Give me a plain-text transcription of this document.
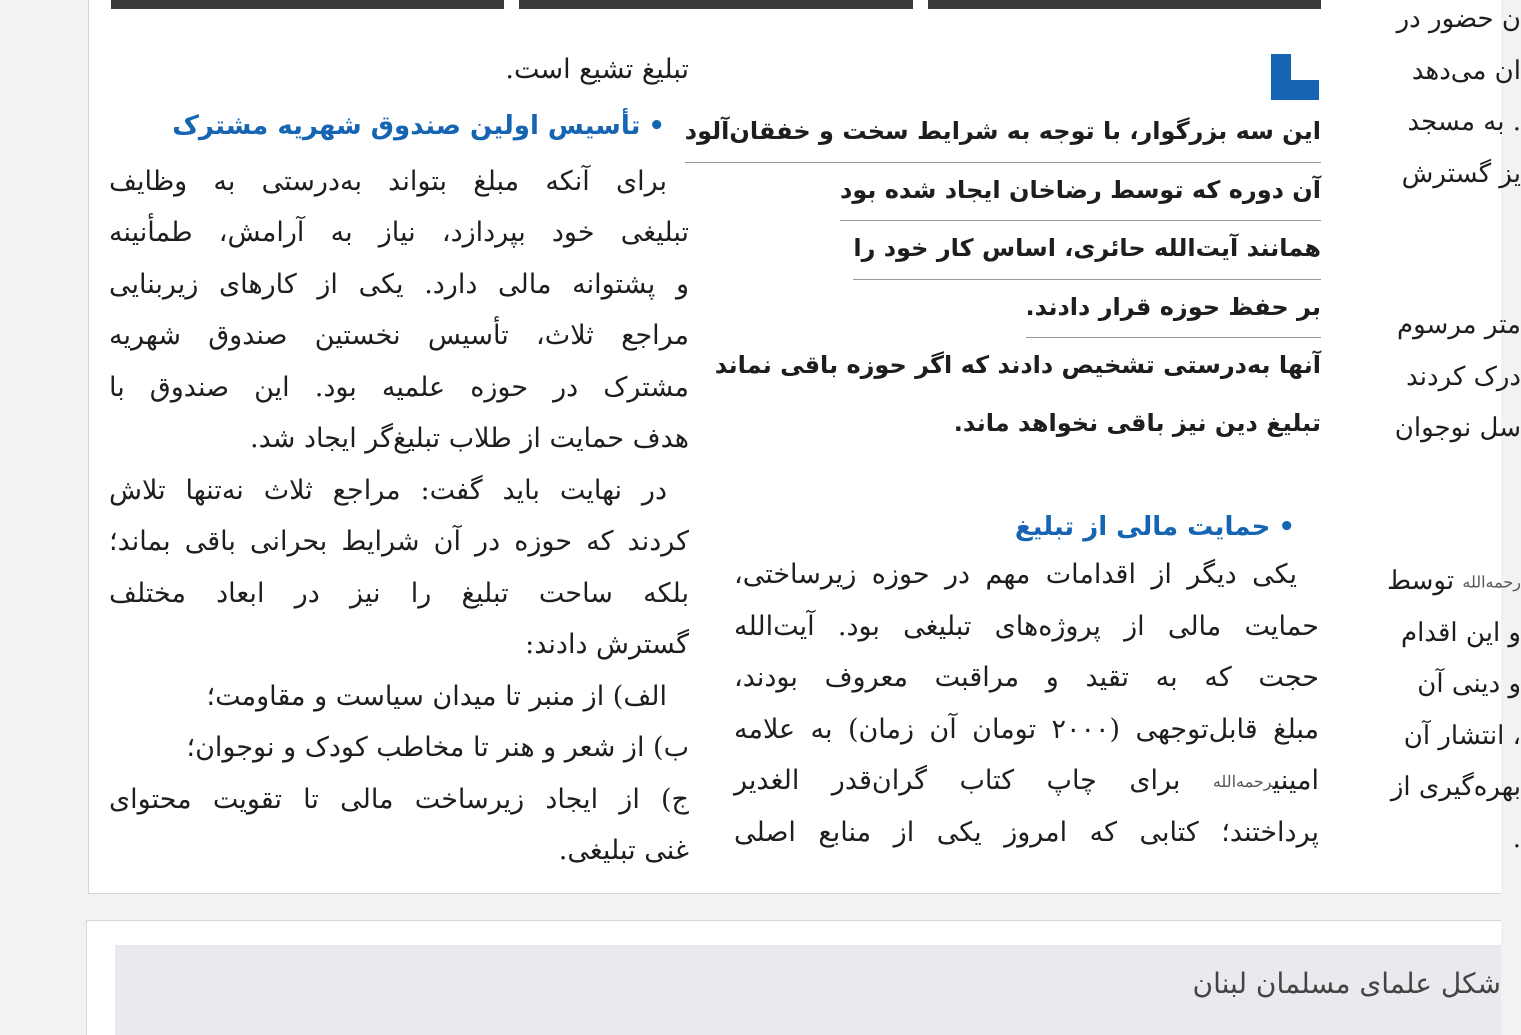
تبلیغ تشیع است.
•تأسیس اولین صندوق شهریه مشترک
برای آنکه مبلغ بتواند به‌درستی به وظایف
تبلیغی خود بپردازد، نیاز به آرامش، طمأنینه
و پشتوانه مالی دارد. یکی از کارهای زیربنایی
مراجع ثلاث، تأسیس نخستین صندوق شهریه
مشترک در حوزه علمیه بود. این صندوق با
هدف حمایت از طلاب تبلیغ‌گر ایجاد شد.
در نهایت باید گفت: مراجع ثلاث نه‌تنها تلاش
کردند که حوزه در آن شرایط بحرانی باقی بماند؛
بلکه ساحت تبلیغ را نیز در ابعاد مختلف
گسترش دادند:
الف) از منبر تا میدان سیاست و مقاومت؛
ب) از شعر و هنر تا مخاطب کودک و نوجوان؛
ج) از ایجاد زیرساخت مالی تا تقویت محتوای
غنی تبلیغی.
این سه بزرگوار، با توجه به شرایط سخت و خفقان‌آلود
آن دوره که توسط رضاخان ایجاد شده بود
همانند آیت‌الله حائری، اساس کار خود را
بر حفظ حوزه قرار دادند.
آنها به‌درستی تشخیص دادند که اگر حوزه باقی نماند
تبلیغ دین نیز باقی نخواهد ماند.
•حمایت مالی از تبلیغ
یکی دیگر از اقدامات مهم در حوزه زیرساختی،
حمایت مالی از پروژه‌های تبلیغی بود. آیت‌الله
حجت که به تقید و مراقبت معروف بودند،
مبلغ قابل‌توجهی (۲۰۰۰ تومان آن زمان) به علامه
امینیرحمه‌الله برای چاپ کتاب گران‌قدر الغدیر
پرداختند؛ کتابی که امروز یکی از منابع اصلی
ن حضور در
ان می‌دهد
. به مسجد
یز گسترش
متر مرسوم
درک کردند
سل نوجوان
رحمه‌الله توسط
و این اقدام
و دینی آن
، انتشار آن
بهره‌گیری از
.
شکل علمای مسلمان لبنان
